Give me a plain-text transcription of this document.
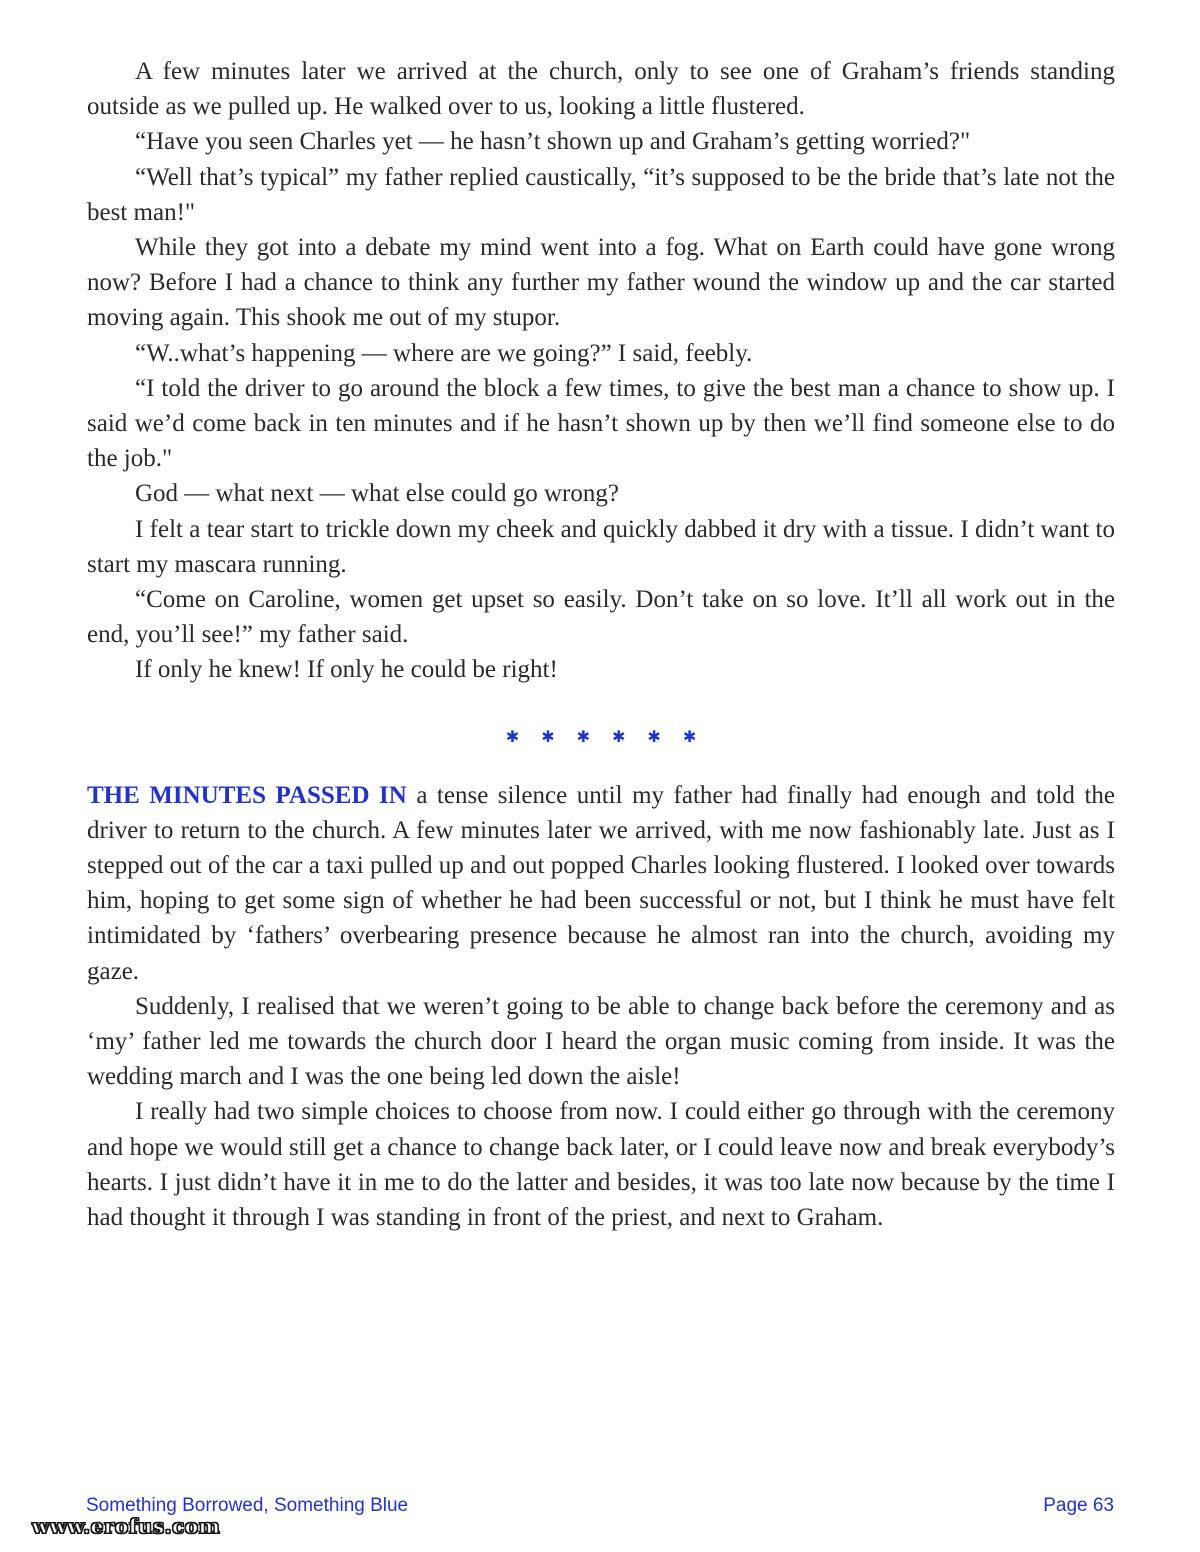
A few minutes later we arrived at the church, only to see one of Graham’s friends standing outside as we pulled up. He walked over to us, looking a little flustered.

“Have you seen Charles yet — he hasn’t shown up and Graham’s getting worried?"

“Well that’s typical” my father replied caustically, “it’s supposed to be the bride that’s late not the best man!"

While they got into a debate my mind went into a fog. What on Earth could have gone wrong now? Before I had a chance to think any further my father wound the window up and the car started moving again. This shook me out of my stupor.

“W..what’s happening — where are we going?” I said, feebly.

“I told the driver to go around the block a few times, to give the best man a chance to show up. I said we’d come back in ten minutes and if he hasn’t shown up by then we’ll find someone else to do the job."

God — what next — what else could go wrong?

I felt a tear start to trickle down my cheek and quickly dabbed it dry with a tissue. I didn’t want to start my mascara running.

“Come on Caroline, women get upset so easily. Don’t take on so love. It’ll all work out in the end, you’ll see!” my father said.

If only he knew! If only he could be right!

✱ ✱ ✱ ✱ ✱ ✱

THE MINUTES PASSED IN a tense silence until my father had finally had enough and told the driver to return to the church. A few minutes later we arrived, with me now fashionably late. Just as I stepped out of the car a taxi pulled up and out popped Charles looking flustered. I looked over towards him, hoping to get some sign of whether he had been successful or not, but I think he must have felt intimidated by ‘fathers’ overbearing presence because he almost ran into the church, avoiding my gaze.

Suddenly, I realised that we weren’t going to be able to change back before the ceremony and as ‘my’ father led me towards the church door I heard the organ music coming from inside. It was the wedding march and I was the one being led down the aisle!

I really had two simple choices to choose from now. I could either go through with the ceremony and hope we would still get a chance to change back later, or I could leave now and break everybody’s hearts. I just didn’t have it in me to do the latter and besides, it was too late now because by the time I had thought it through I was standing in front of the priest, and next to Graham.

Something Borrowed, Something Blue	Page 63
www.erofus.com
